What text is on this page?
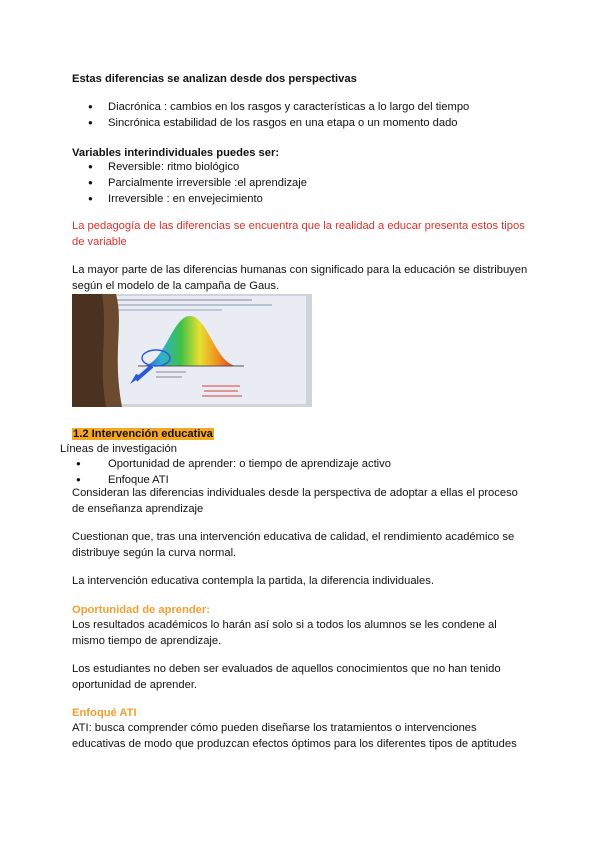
Estas diferencias se analizan desde dos perspectivas
● Diacrónica : cambios en los rasgos y características a lo largo del tiempo
● Sincrónica estabilidad de los rasgos en una etapa o un momento dado
Variables interindividuales puedes ser:
● Reversible: ritmo biológico
● Parcialmente irreversible :el aprendizaje
● Irreversible : en envejecimiento
La pedagogía de las diferencias se encuentra que la realidad a educar presenta estos tipos de variable
La mayor parte de las diferencias humanas con significado para la educación se distribuyen según el modelo de la campaña de Gaus.
1.2 Intervención educativa
Líneas de investigación
● Oportunidad de aprender: o tiempo de aprendizaje activo
● Enfoque ATI
Consideran las diferencias individuales desde la perspectiva de adoptar a ellas el proceso de enseñanza aprendizaje
Cuestionan que, tras una intervención educativa de calidad, el rendimiento académico se distribuye según la curva normal.
La intervención educativa contempla la partida, la diferencia individuales.
Oportunidad de aprender:
Los resultados académicos lo harán así solo si a todos los alumnos se les condene al mismo tiempo de aprendizaje.
Los estudiantes no deben ser evaluados de aquellos conocimientos que no han tenido oportunidad de aprender.
Enfoqué ATI
ATI: busca comprender cómo pueden diseñarse los tratamientos o intervenciones educativas de modo que produzcan efectos óptimos para los diferentes tipos de aptitudes
